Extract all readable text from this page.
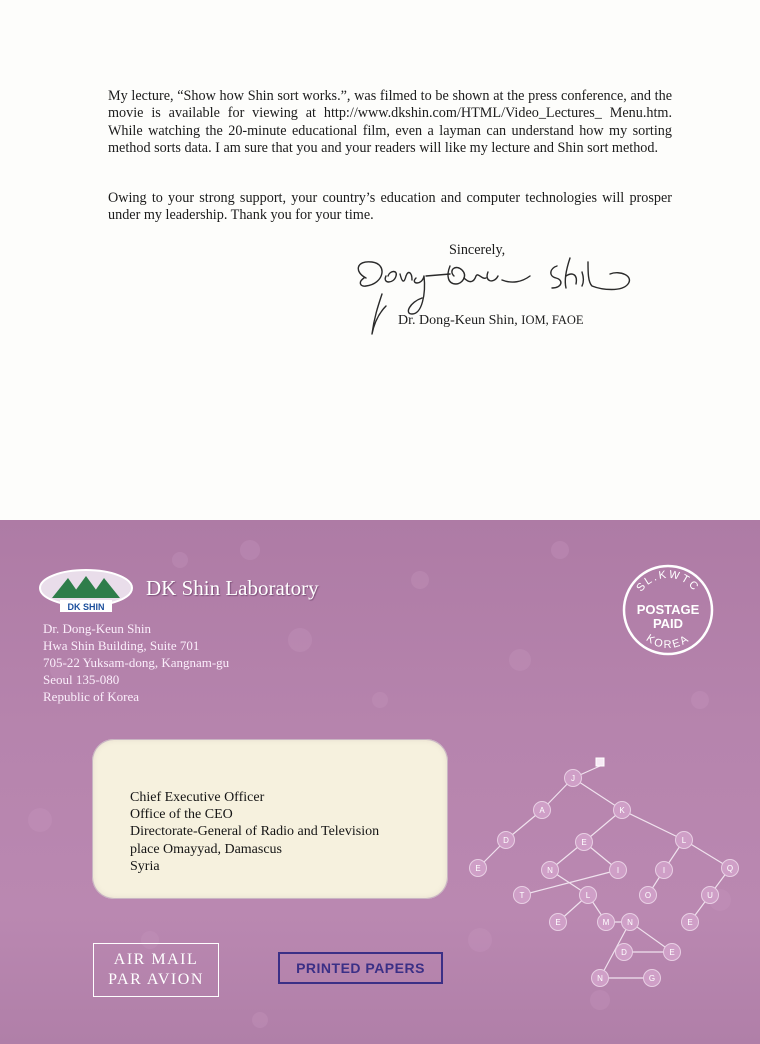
My lecture, “Show how Shin sort works.”, was filmed to be shown at the press conference, and the movie is available for viewing at http://www.dkshin.com/HTML/Video_Lectures_ Menu.htm. While watching the 20-minute educational film, even a layman can understand how my sorting method sorts data. I am sure that you and your readers will like my lecture and Shin sort method.

Owing to your strong support, your country’s education and computer technologies will prosper under my leadership. Thank you for your time.

Sincerely,
Dr. Dong-Keun Shin, IOM, FAOE
DK SHIN
DK Shin Laboratory
Dr. Dong-Keun Shin
Hwa Shin Building, Suite 701
705-22 Yuksam-dong, Kangnam-gu
Seoul 135-080
Republic of Korea
SL.KWTC
POSTAGE
PAID
KOREA
Chief Executive Officer
Office of the CEO
Directorate-General of Radio and Television
place Omayyad, Damascus
Syria
J
A	K
D	E	L
E	N	I	I	Q
T	L	O	U
E	M N	E
E
D
N	G
AIR MAIL
PAR AVION
PRINTED PAPERS
